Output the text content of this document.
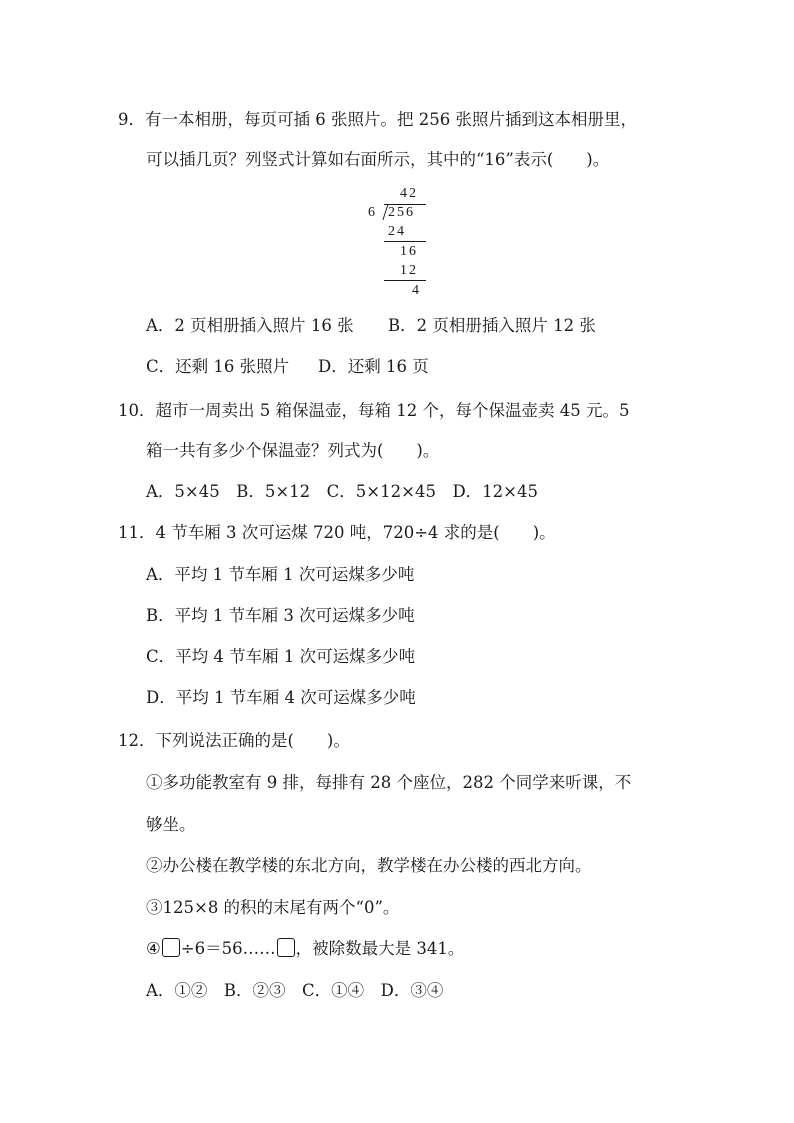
9．有一本相册，每页可插 6 张照片。把 256 张照片插到这本相册里，
可以插几页？列竖式计算如右面所示，其中的“16”表示(　　)。
42
6 256
24
16
12
4
A．2 页相册插入照片 16 张 B．2 页相册插入照片 12 张
C．还剩 16 张照片 D．还剩 16 页
10．超市一周卖出 5 箱保温壶，每箱 12 个，每个保温壶卖 45 元。5
箱一共有多少个保温壶？列式为(　　)。
A．5×45　B．5×12　C．5×12×45　D．12×45
11．4 节车厢 3 次可运煤 720 吨，720÷4 求的是(　　)。
A．平均 1 节车厢 1 次可运煤多少吨
B．平均 1 节车厢 3 次可运煤多少吨
C．平均 4 节车厢 1 次可运煤多少吨
D．平均 1 节车厢 4 次可运煤多少吨
12．下列说法正确的是(　　)。
①多功能教室有 9 排，每排有 28 个座位，282 个同学来听课，不
够坐。
②办公楼在教学楼的东北方向，教学楼在办公楼的西北方向。
③125×8 的积的末尾有两个“0”。
④ ÷6＝56…… ，被除数最大是 341。
A．①②　B．②③　C．①④　D．③④
